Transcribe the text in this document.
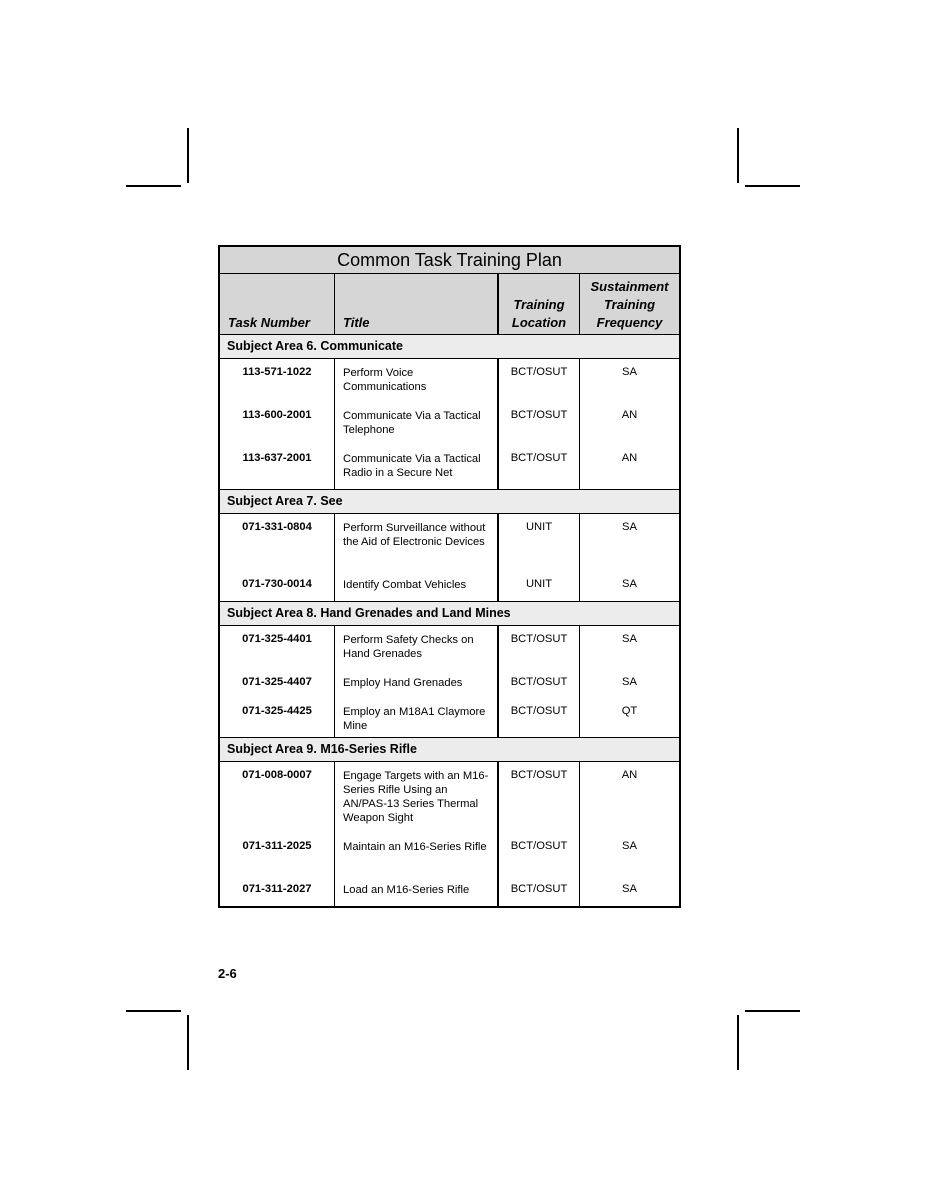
Common Task Training Plan
Task Number	Title
Training
Location
Sustainment
Training
Frequency
Subject Area 6. Communicate
113-571-1022
113-600-2001
113-637-2001
Perform Voice Communications
Communicate Via a Tactical Telephone
Communicate Via a Tactical Radio in a Secure Net
BCT/OSUT
BCT/OSUT
BCT/OSUT
SA
AN
AN
Subject Area 7. See
071-331-0804
071-730-0014
Perform Surveillance without the Aid of Electronic Devices
Identify Combat Vehicles
UNIT
UNIT
SA
SA
Subject Area 8. Hand Grenades and Land Mines
071-325-4401
071-325-4407
071-325-4425
Perform Safety Checks on Hand Grenades
Employ Hand Grenades
Employ an M18A1 Claymore Mine
BCT/OSUT
BCT/OSUT
BCT/OSUT
SA
SA
QT
Subject Area 9. M16-Series Rifle
071-008-0007
071-311-2025
071-311-2027
Engage Targets with an M16-Series Rifle Using an AN/PAS-13 Series Thermal Weapon Sight
Maintain an M16-Series Rifle
Load an M16-Series Rifle
BCT/OSUT
BCT/OSUT
BCT/OSUT
AN
SA
SA
2-6
